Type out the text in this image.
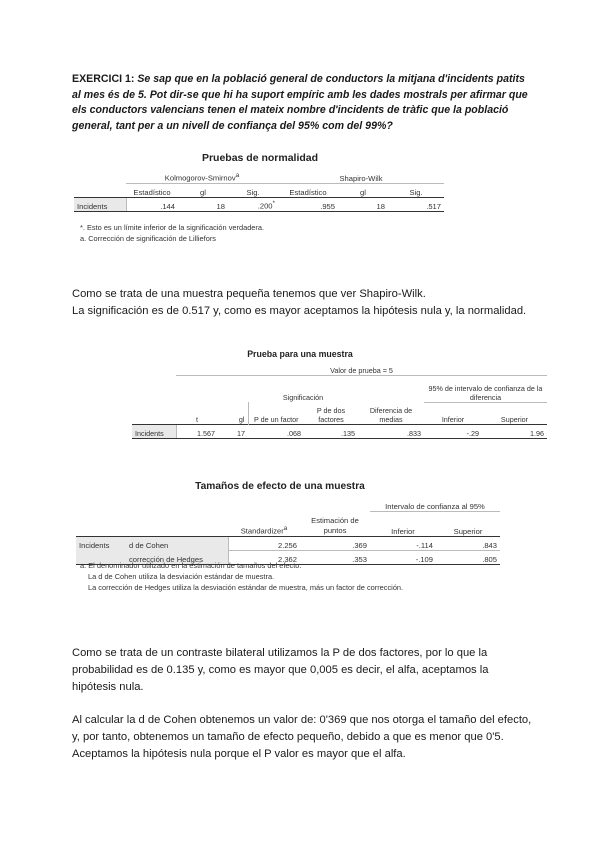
EXERCICI 1: Se sap que en la població general de conductors la mitjana d'incidents patits al mes és de 5. Pot dir-se que hi ha suport empíric amb les dades mostrals per afirmar que els conductors valencians tenen el mateix nombre d'incidents de tràfic que la població general, tant per a un nivell de confiança del 95% com del 99%?
Pruebas de normalidad
	Kolmogorov-Smirnov$^a$			Shapiro-Wilk		
	Estadístico	gl	Sig.	Estadístico	gl	Sig.
Incidents	.144	18	.200*	.955	18	.517

*. Esto es un límite inferior de la significación verdadera.

a. Corrección de significación de Lilliefors

Como se trata de una muestra pequeña tenemos que ver Shapiro-Wilk.

La significación es de 0.517 y, como es mayor aceptamos la hipótesis nula y, la normalidad.

Prueba para una muestra
	Valor de prueba = 5						
			Significación			95% de intervalo de confianza de la diferencia	
	t	gl	P de un factor	P de dos factores	Diferencia de medias	Inferior	Superior
Incidents	1.567	17	.068	.135	.833	-.29	1.96
Tamaños de efecto de una muestra
				Intervalo de confianza al 95%	
		Standardizer$^a$	Estimación de puntos	Inferior	Superior
Incidents	d de Cohen	2.256	.369	-.114	.843
	corrección de Hedges	2.362	.353	-.109	.805

a. El denominador utilizado en la estimación de tamaños del efecto.

La d de Cohen utiliza la desviación estándar de muestra.

La corrección de Hedges utiliza la desviación estándar de muestra, más un factor de corrección.

Como se trata de un contraste bilateral utilizamos la P de dos factores, por lo que la probabilidad es de 0.135 y, como es mayor que 0,005 es decir, el alfa, aceptamos la hipótesis nula.

Al calcular la d de Cohen obtenemos un valor de: 0'369 que nos otorga el tamaño del efecto, y, por tanto, obtenemos un tamaño de efecto pequeño, debido a que es menor que 0'5.

Aceptamos la hipótesis nula porque el P valor es mayor que el alfa.
